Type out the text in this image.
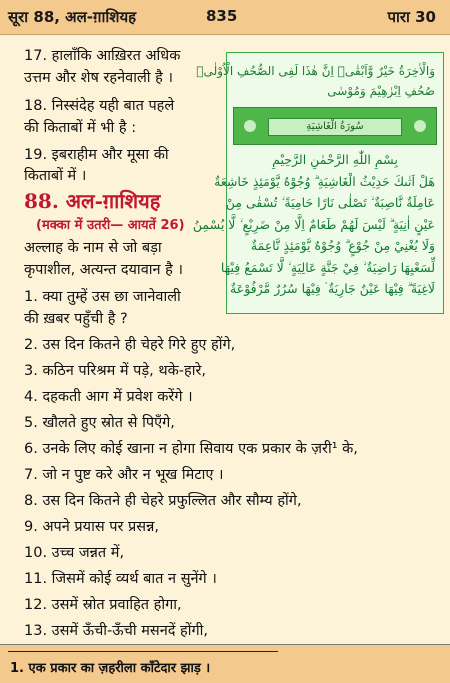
सूरा 88, अल-ग़ाशियह	835	पारा 30
17. हालाँकि आख़िरत अधिक
उत्तम और शेष रहनेवाली है ।
18. निस्संदेह यही बात पहले
की किताबों में भी है :
19. इबराहीम और मूसा की
किताबों में ।
88. अल-ग़ाशियह
(मक्का में उतरी— आयतें 26)
अल्लाह के नाम से जो बड़ा
कृपाशील, अत्यन्त दयावान है ।
1. क्या तुम्हें उस छा जानेवाली
की ख़बर पहुँची है ?
2. उस दिन कितने ही चेहरे गिरे हुए होंगे,
3. कठिन परिश्रम में पड़े, थके-हारे,
4. दहकती आग में प्रवेश करेंगे ।
5. खौलते हुए स्रोत से पिएँगे,
6. उनके लिए कोई खाना न होगा सिवाय एक प्रकार के ज़री¹ के,
7. जो न पुष्ट करे और न भूख मिटाए ।
8. उस दिन कितने ही चेहरे प्रफुल्लित और सौम्य होंगे,
9. अपने प्रयास पर प्रसन्न,
10. उच्च जन्नत में,
11. जिसमें कोई व्यर्थ बात न सुनेंगे ।
12. उसमें स्रोत प्रवाहित होगा,
13. उसमें ऊँची-ऊँची मसनदें होंगी,
وَالْاٰخِرَةُ خَيْرٌ وَّاَبْقٰىۗ اِنَّ هٰذَا لَفِى الصُّحُفِ الْاُوْلٰىۙ
صُحُفِ اِبْرٰهِيْمَ وَمُوْسٰى
سُورَةُ الْغَاشِيَةِ
بِسْمِ اللّٰهِ الرَّحْمٰنِ الرَّحِيْمِ
هَلْ اَتٰىكَ حَدِيْثُ الْغَاشِيَةِ ۗ وُجُوْهٌ يَّوْمَئِذٍ خَاشِعَةٌ
عَامِلَةٌ نَّاصِبَةٌ ۙ تَصْلٰى نَارًا حَامِيَةً ۙ تُسْقٰى مِنْ
عَيْنٍ اٰنِيَةٍ ۗ لَيْسَ لَهُمْ طَعَامٌ اِلَّا مِنْ ضَرِيْعٍ ۙ لَّا يُسْمِنُ
وَلَا يُغْنِيْ مِنْ جُوْعٍ ۗ وُجُوْهٌ يَّوْمَئِذٍ نَّاعِمَةٌ
لِّسَعْيِهَا رَاضِيَةٌ ۙ فِيْ جَنَّةٍ عَالِيَةٍ ۙ لَّا تَسْمَعُ فِيْهَا
لَاغِيَةً ۗ فِيْهَا عَيْنٌ جَارِيَةٌ ۘ فِيْهَا سُرُرٌ مَّرْفُوْعَةٌ
1. एक प्रकार का ज़हरीला काँटेदार झाड़ ।
